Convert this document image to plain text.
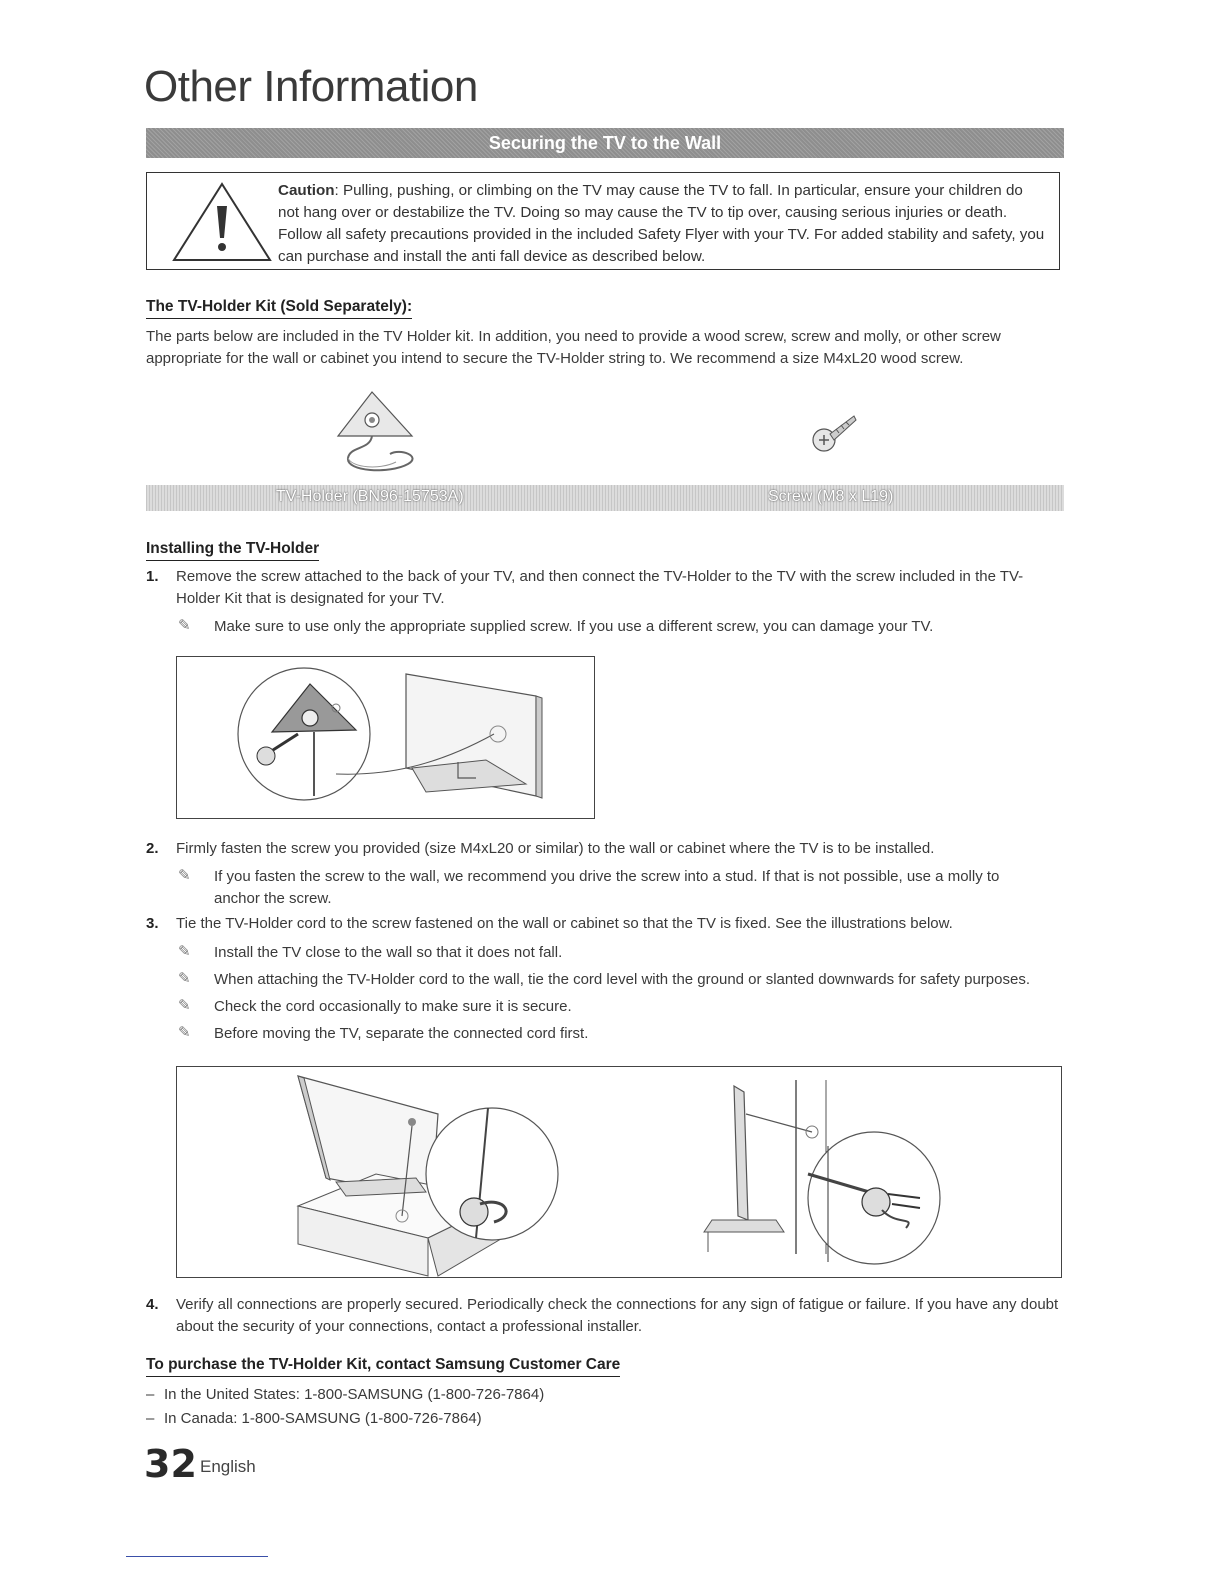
Other Information
Securing the TV to the Wall
Caution: Pulling, pushing, or climbing on the TV may cause the TV to fall. In particular, ensure your children do not hang over or destabilize the TV. Doing so may cause the TV to tip over, causing serious injuries or death. Follow all safety precautions provided in the included Safety Flyer with your TV. For added stability and safety, you can purchase and install the anti fall device as described below.
The TV-Holder Kit (Sold Separately):
The parts below are included in the TV Holder kit. In addition, you need to provide a wood screw, screw and molly, or other screw appropriate for the wall or cabinet you intend to secure the TV-Holder string to. We recommend a size M4xL20 wood screw.
TV-Holder (BN96-15753A)	Screw (M8 x L19)
Installing the TV-Holder
1. Remove the screw attached to the back of your TV, and then connect the TV-Holder to the TV with the screw included in the TV-Holder Kit that is designated for your TV.
✎ Make sure to use only the appropriate supplied screw. If you use a different screw, you can damage your TV.
2. Firmly fasten the screw you provided (size M4xL20 or similar) to the wall or cabinet where the TV is to be installed.
✎ If you fasten the screw to the wall, we recommend you drive the screw into a stud. If that is not possible, use a molly to anchor the screw.
3. Tie the TV-Holder cord to the screw fastened on the wall or cabinet so that the TV is fixed. See the illustrations below.
✎ Install the TV close to the wall so that it does not fall.
✎ When attaching the TV-Holder cord to the wall, tie the cord level with the ground or slanted downwards for safety purposes.
✎ Check the cord occasionally to make sure it is secure.
✎ Before moving the TV, separate the connected cord first.
4. Verify all connections are properly secured. Periodically check the connections for any sign of fatigue or failure. If you have any doubt about the security of your connections, contact a professional installer.
To purchase the TV-Holder Kit, contact Samsung Customer Care
– In the United States: 1-800-SAMSUNG (1-800-726-7864)
– In Canada: 1-800-SAMSUNG (1-800-726-7864)
32 English
